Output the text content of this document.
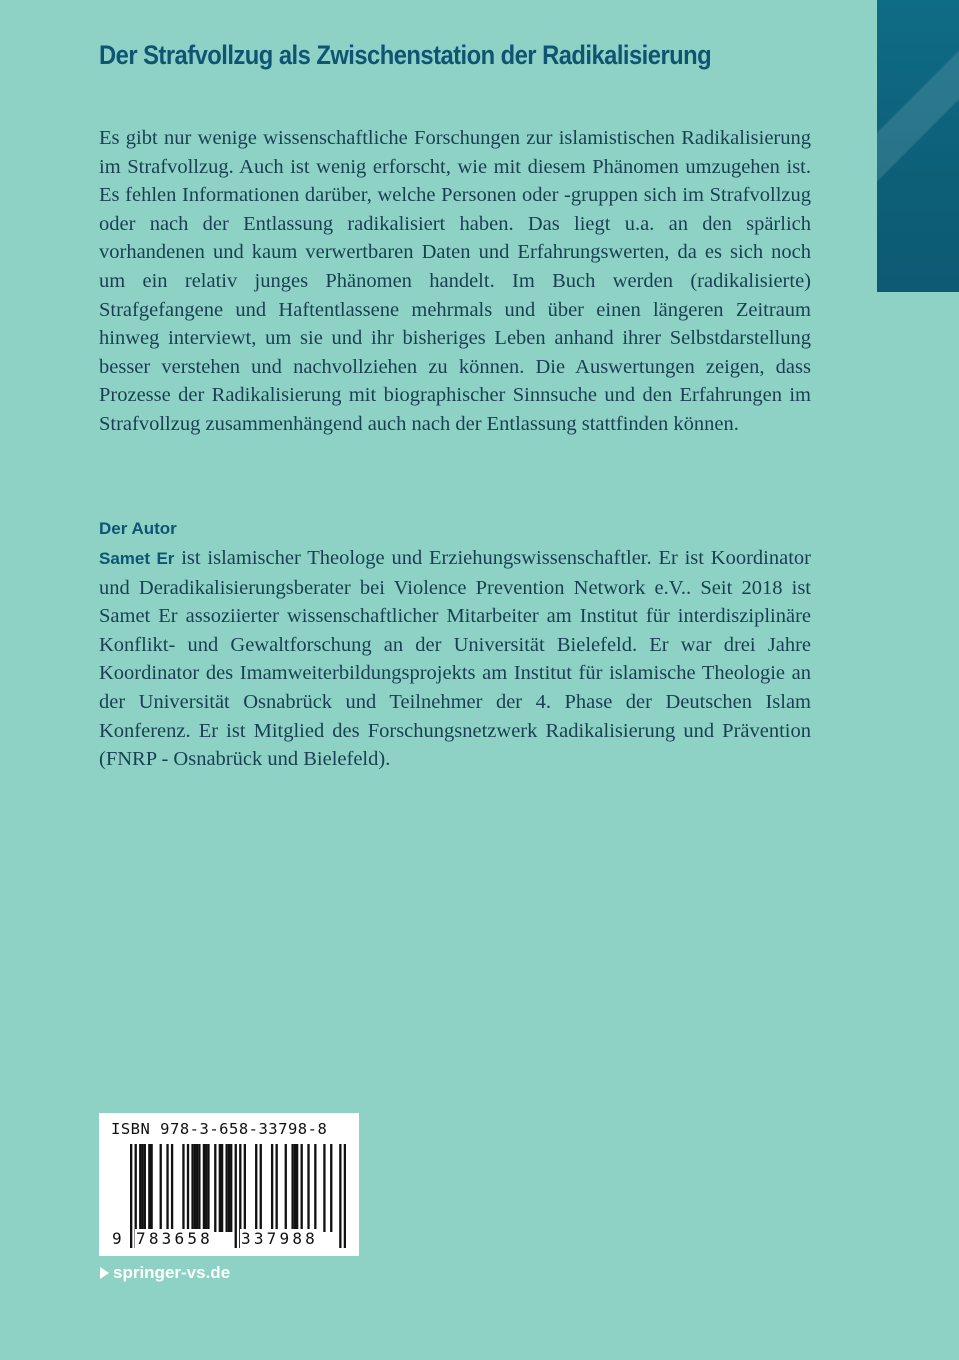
Der Strafvollzug als Zwischenstation der Radikalisierung

Es gibt nur wenige wissenschaftliche Forschungen zur islamistischen Radikalisierung im Strafvollzug. Auch ist wenig erforscht, wie mit diesem Phänomen umzugehen ist. Es fehlen Informationen darüber, welche Personen oder -gruppen sich im Strafvollzug oder nach der Entlassung radikalisiert haben. Das liegt u.a. an den spärlich vorhandenen und kaum verwertbaren Daten und Erfahrungswerten, da es sich noch um ein relativ junges Phänomen handelt. Im Buch werden (radikalisierte) Strafgefangene und Haftentlassene mehrmals und über einen längeren Zeitraum hinweg interviewt, um sie und ihr bisheriges Leben anhand ihrer Selbstdarstellung besser verstehen und nachvollziehen zu können. Die Auswertungen zeigen, dass Prozesse der Radikalisierung mit biographischer Sinnsuche und den Erfahrungen im Strafvollzug zusammenhängend auch nach der Entlassung stattfinden können.

Der Autor

Samet Er ist islamischer Theologe und Erziehungswissenschaftler. Er ist Koordinator und Deradikalisierungsberater bei Violence Prevention Network e.V.. Seit 2018 ist Samet Er assoziierter wissenschaftlicher Mitarbeiter am Institut für interdisziplinäre Konflikt- und Gewaltforschung an der Universität Bielefeld. Er war drei Jahre Koordinator des Imamweiterbildungsprojekts am Institut für islamische Theologie an der Universität Osnabrück und Teilnehmer der 4. Phase der Deutschen Islam Konferenz. Er ist Mitglied des Forschungsnetzwerk Radikalisierung und Prävention (FNRP - Osnabrück und Bielefeld).

ISBN 978-3-658-33798-8
9 783658 337988
springer-vs.de
